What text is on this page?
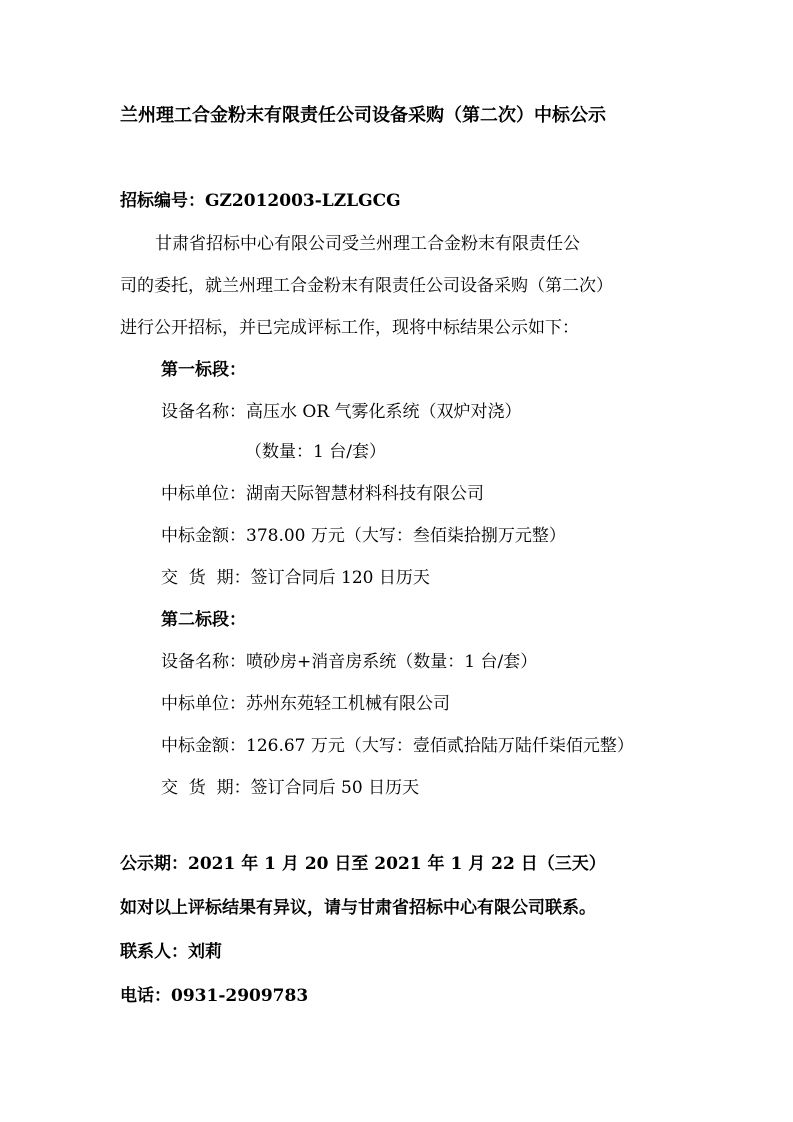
兰州理工合金粉末有限责任公司设备采购（第二次）中标公示
招标编号：GZ2012003-LZLGCG
甘肃省招标中心有限公司受兰州理工合金粉末有限责任公
司的委托，就兰州理工合金粉末有限责任公司设备采购（第二次）
进行公开招标，并已完成评标工作，现将中标结果公示如下：
第一标段：
设备名称：高压水 OR 气雾化系统（双炉对浇）
（数量：1 台/套）
中标单位：湖南天际智慧材料科技有限公司
中标金额：378.00 万元（大写：叁佰柒拾捌万元整）
交  货  期：签订合同后 120 日历天
第二标段：
设备名称：喷砂房+消音房系统（数量：1 台/套）
中标单位：苏州东苑轻工机械有限公司
中标金额：126.67 万元（大写：壹佰贰拾陆万陆仟柒佰元整）
交  货  期：签订合同后 50 日历天
公示期：2021 年 1 月 20 日至 2021 年 1 月 22 日（三天）
如对以上评标结果有异议，请与甘肃省招标中心有限公司联系。
联系人：刘莉
电话：0931-2909783
